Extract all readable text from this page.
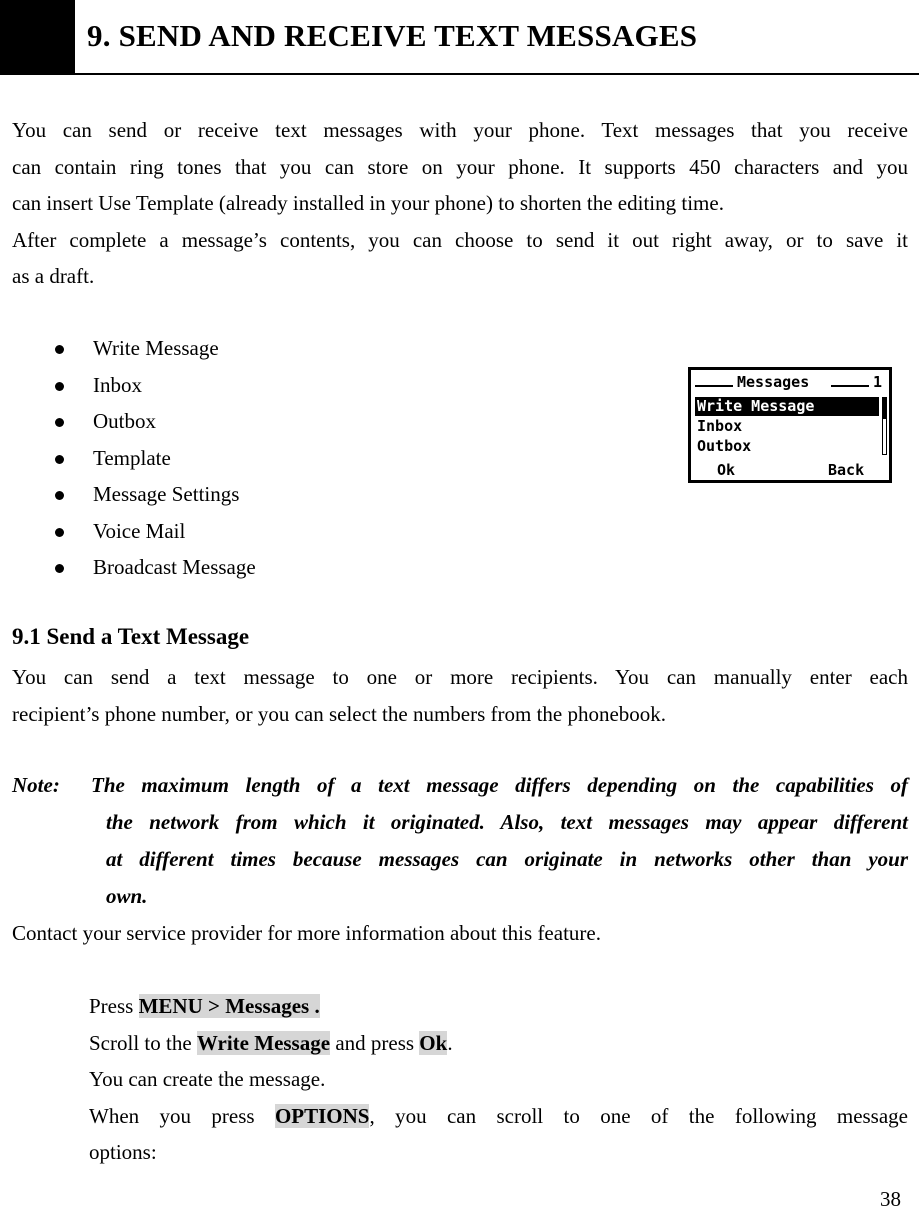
9. SEND AND RECEIVE TEXT MESSAGES
You can send or receive text messages with your phone. Text messages that you receive
can contain ring tones that you can store on your phone. It supports 450 characters and you
can insert Use Template (already installed in your phone) to shorten the editing time.
After complete a message’s contents, you can choose to send it out right away, or to save it
as a draft.
Write Message
Inbox
Outbox
Template
Message Settings
Voice Mail
Broadcast Message
Messages	1
Write Message
Inbox
Outbox
Ok	Back
9.1 Send a Text Message
You can send a text message to one or more recipients. You can manually enter each
recipient’s phone number, or you can select the numbers from the phonebook.
Note: The maximum length of a text message differs depending on the capabilities of
the network from which it originated. Also, text messages may appear different
at different times because messages can originate in networks other than your
own.
Contact your service provider for more information about this feature.
Press MENU > Messages .
Scroll to the Write Message and press Ok.
You can create the message.
When you press OPTIONS, you can scroll to one of the following message
options:
38
